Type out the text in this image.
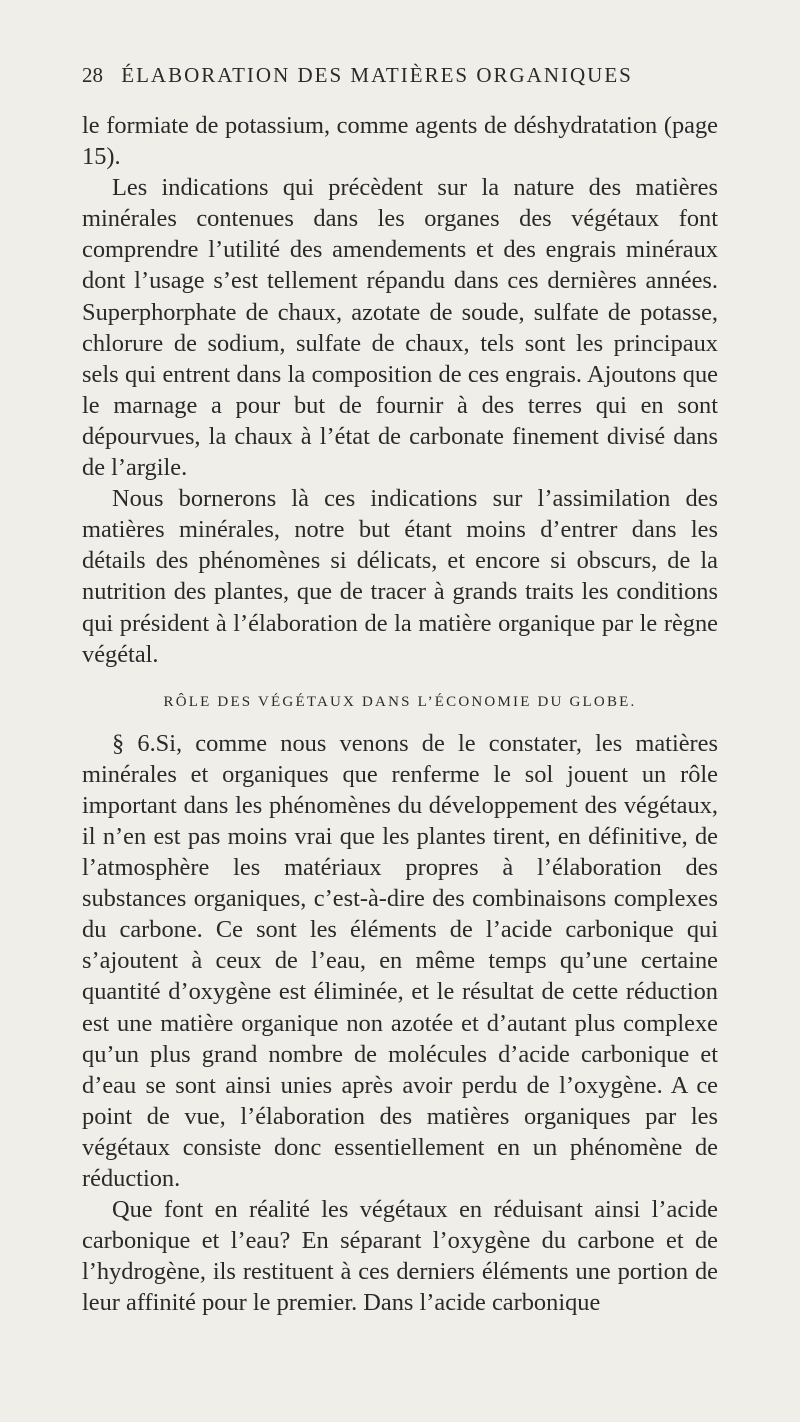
28 ÉLABORATION DES MATIÈRES ORGANIQUES

le formiate de potassium, comme agents de déshydratation (page 15).

Les indications qui précèdent sur la nature des matières minérales contenues dans les organes des végétaux font comprendre l’utilité des amendements et des engrais minéraux dont l’usage s’est tellement répandu dans ces dernières années. Superphorphate de chaux, azotate de soude, sulfate de potasse, chlorure de sodium, sulfate de chaux, tels sont les principaux sels qui entrent dans la composition de ces engrais. Ajoutons que le marnage a pour but de fournir à des terres qui en sont dépourvues, la chaux à l’état de carbonate finement divisé dans de l’argile.

Nous bornerons là ces indications sur l’assimilation des matières minérales, notre but étant moins d’entrer dans les détails des phénomènes si délicats, et encore si obscurs, de la nutrition des plantes, que de tracer à grands traits les conditions qui président à l’élaboration de la matière organique par le règne végétal.

RÔLE DES VÉGÉTAUX DANS L’ÉCONOMIE DU GLOBE.

§ 6.Si, comme nous venons de le constater, les matières minérales et organiques que renferme le sol jouent un rôle important dans les phénomènes du développement des végétaux, il n’en est pas moins vrai que les plantes tirent, en définitive, de l’atmosphère les matériaux propres à l’élaboration des substances organiques, c’est-à-dire des combinaisons complexes du carbone. Ce sont les éléments de l’acide carbonique qui s’ajoutent à ceux de l’eau, en même temps qu’une certaine quantité d’oxygène est éliminée, et le résultat de cette réduction est une matière organique non azotée et d’autant plus complexe qu’un plus grand nombre de molécules d’acide carbonique et d’eau se sont ainsi unies après avoir perdu de l’oxygène. A ce point de vue, l’élaboration des matières organiques par les végétaux consiste donc essentiellement en un phénomène de réduction.

Que font en réalité les végétaux en réduisant ainsi l’acide carbonique et l’eau? En séparant l’oxygène du carbone et de l’hydrogène, ils restituent à ces derniers éléments une portion de leur affinité pour le premier. Dans l’acide carbonique
